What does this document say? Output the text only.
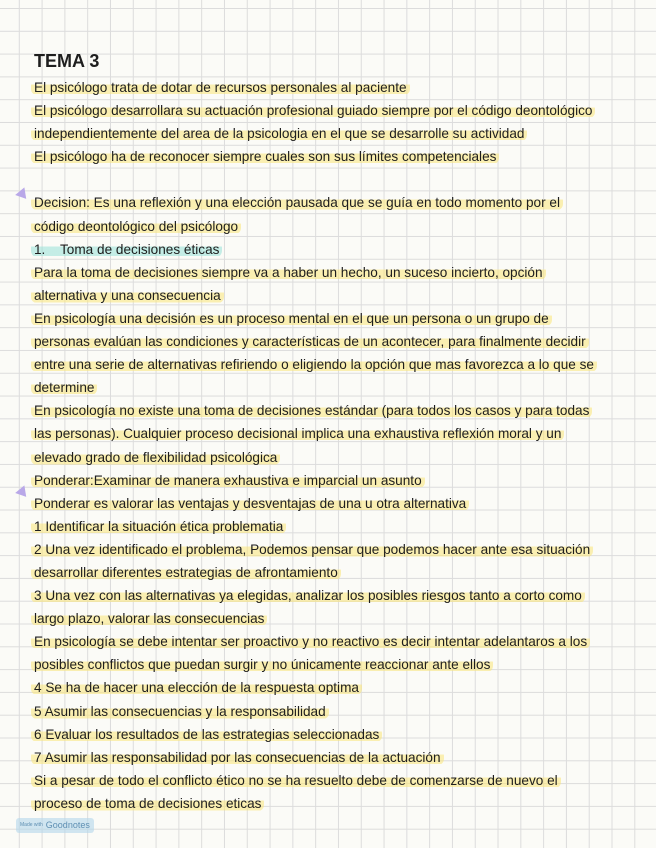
TEMA 3
El psicólogo trata de dotar de recursos personales al paciente
El psicólogo desarrollara su actuación profesional guiado siempre por el código deontológico
independientemente del area de la psicologia en el que se desarrolle su actividad
El psicólogo ha de reconocer siempre cuales son sus límites competenciales
Decision: Es una reflexión y una elección pausada que se guía en todo momento por el
código deontológico del psicólogo
1. Toma de decisiones éticas
Para la toma de decisiones siempre va a haber un hecho, un suceso incierto, opción
alternativa y una consecuencia
En psicología una decisión es un proceso mental en el que un persona o un grupo de
personas evalúan las condiciones y características de un acontecer, para finalmente decidir
entre una serie de alternativas refiriendo o eligiendo la opción que mas favorezca a lo que se
determine
En psicología no existe una toma de decisiones estándar (para todos los casos y para todas
las personas). Cualquier proceso decisional implica una exhaustiva reflexión moral y un
elevado grado de flexibilidad psicológica
Ponderar:Examinar de manera exhaustiva e imparcial un asunto
Ponderar es valorar las ventajas y desventajas de una u otra alternativa
1 Identificar la situación ética problematia
2 Una vez identificado el problema, Podemos pensar que podemos hacer ante esa situación
desarrollar diferentes estrategias de afrontamiento
3 Una vez con las alternativas ya elegidas, analizar los posibles riesgos tanto a corto como
largo plazo, valorar las consecuencias
En psicología se debe intentar ser proactivo y no reactivo es decir intentar adelantaros a los
posibles conflictos que puedan surgir y no únicamente reaccionar ante ellos
4 Se ha de hacer una elección de la respuesta optima
5 Asumir las consecuencias y la responsabilidad
6 Evaluar los resultados de las estrategias seleccionadas
7 Asumir las responsabilidad por las consecuencias de la actuación
Si a pesar de todo el conflicto ético no se ha resuelto debe de comenzarse de nuevo el
proceso de toma de decisiones eticas
Made with Goodnotes
